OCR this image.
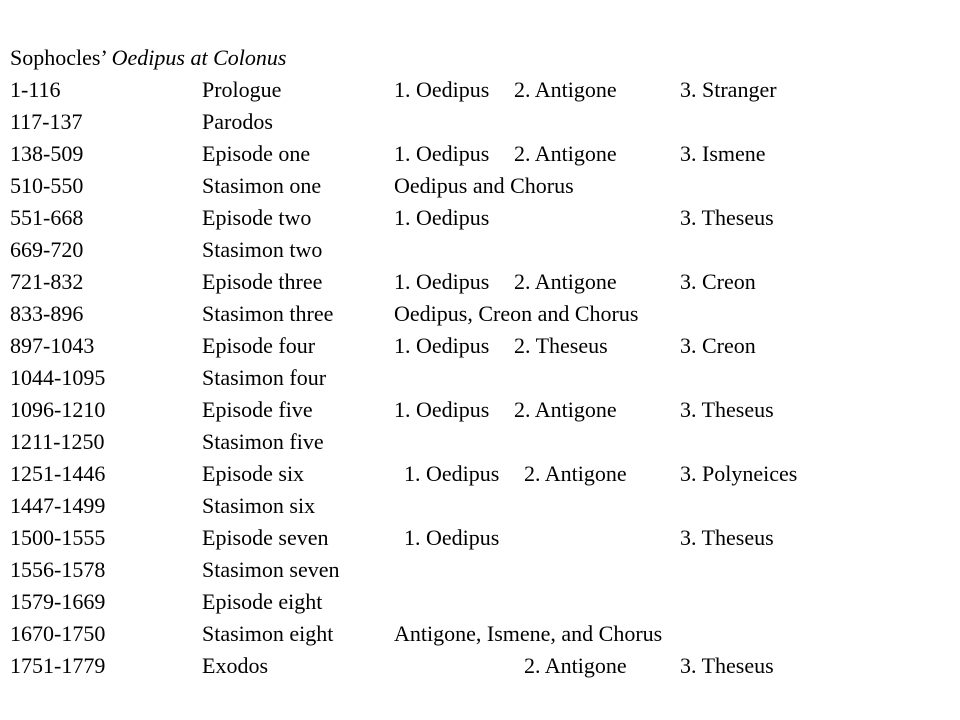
Sophocles’ Oedipus at Colonus
1-116	Prologue	1. Oedipus 2. Antigone	3. Stranger
117-137	Parodos
138-509	Episode one	1. Oedipus 2. Antigone	3. Ismene
510-550	Stasimon one	Oedipus and Chorus
551-668	Episode two	1. Oedipus	3. Theseus
669-720	Stasimon two
721-832	Episode three	1. Oedipus 2. Antigone	3. Creon
833-896	Stasimon three	Oedipus, Creon and Chorus
897-1043	Episode four	1. Oedipus 2. Theseus	3. Creon
1044-1095	Stasimon four
1096-1210	Episode five	1. Oedipus 2. Antigone	3. Theseus
1211-1250	Stasimon five
1251-1446	Episode six	1. Oedipus 2. Antigone 3. Polyneices
1447-1499	Stasimon six
1500-1555	Episode seven	1. Oedipus	3. Theseus
1556-1578	Stasimon seven
1579-1669	Episode eight
1670-1750	Stasimon eight	Antigone, Ismene, and Chorus
1751-1779	Exodos	2. Antigone 3. Theseus
